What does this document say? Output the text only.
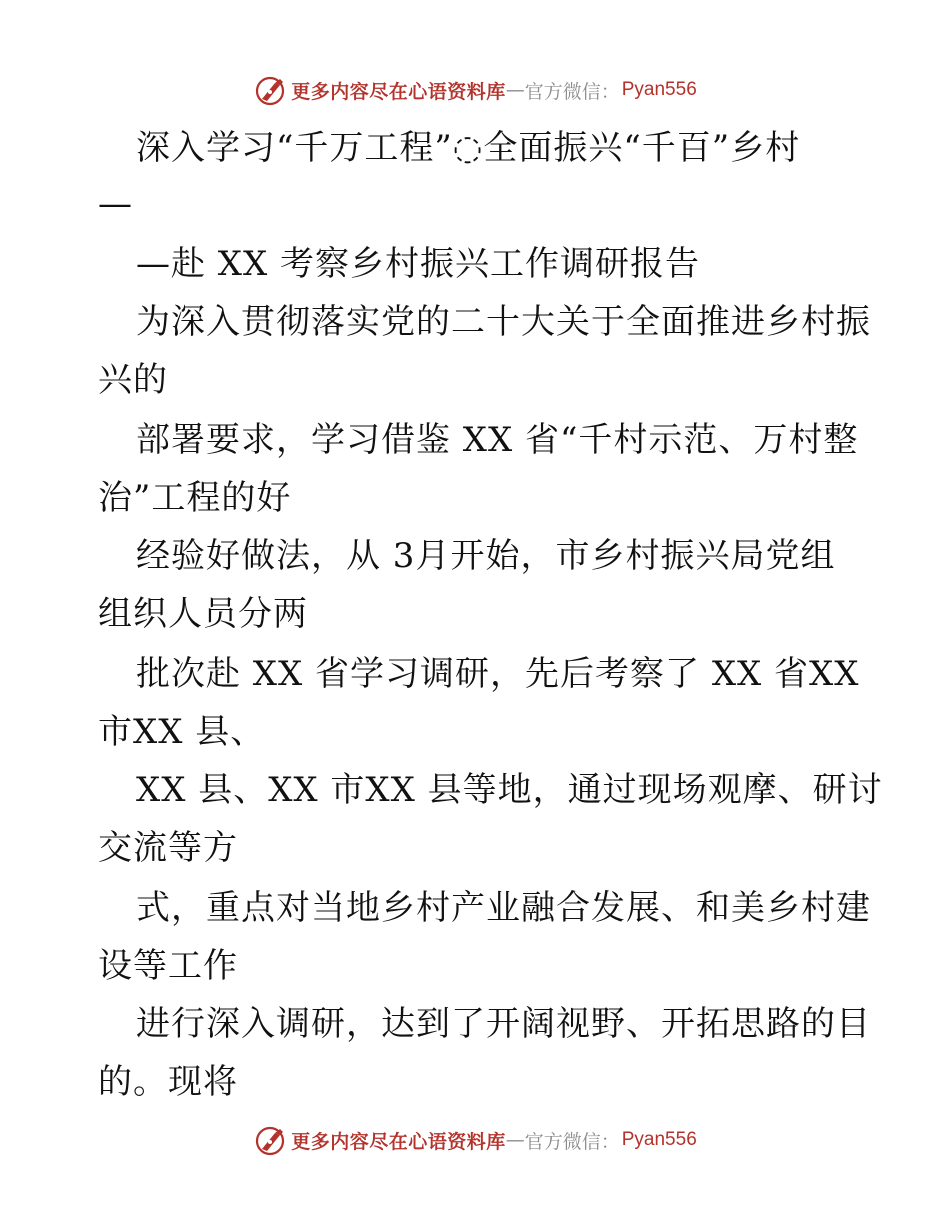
更多内容尽在心语资料库 — 官方微信： Pyan556
深入学习“千万工程”◌全面振兴“千百”乡村
—
—赴 XX 考察乡村振兴工作调研报告
为深入贯彻落实党的二十大关于全面推进乡村振
兴的
部署要求，学习借鉴 XX 省“千村示范、万村整
治”工程的好
经验好做法，从 3月开始，市乡村振兴局党组
组织人员分两
批次赴 XX 省学习调研，先后考察了 XX 省XX
市XX 县、
XX 县、XX 市XX 县等地，通过现场观摩、研讨
交流等方
式，重点对当地乡村产业融合发展、和美乡村建
设等工作
进行深入调研，达到了开阔视野、开拓思路的目
的。现将
更多内容尽在心语资料库 — 官方微信： Pyan556
